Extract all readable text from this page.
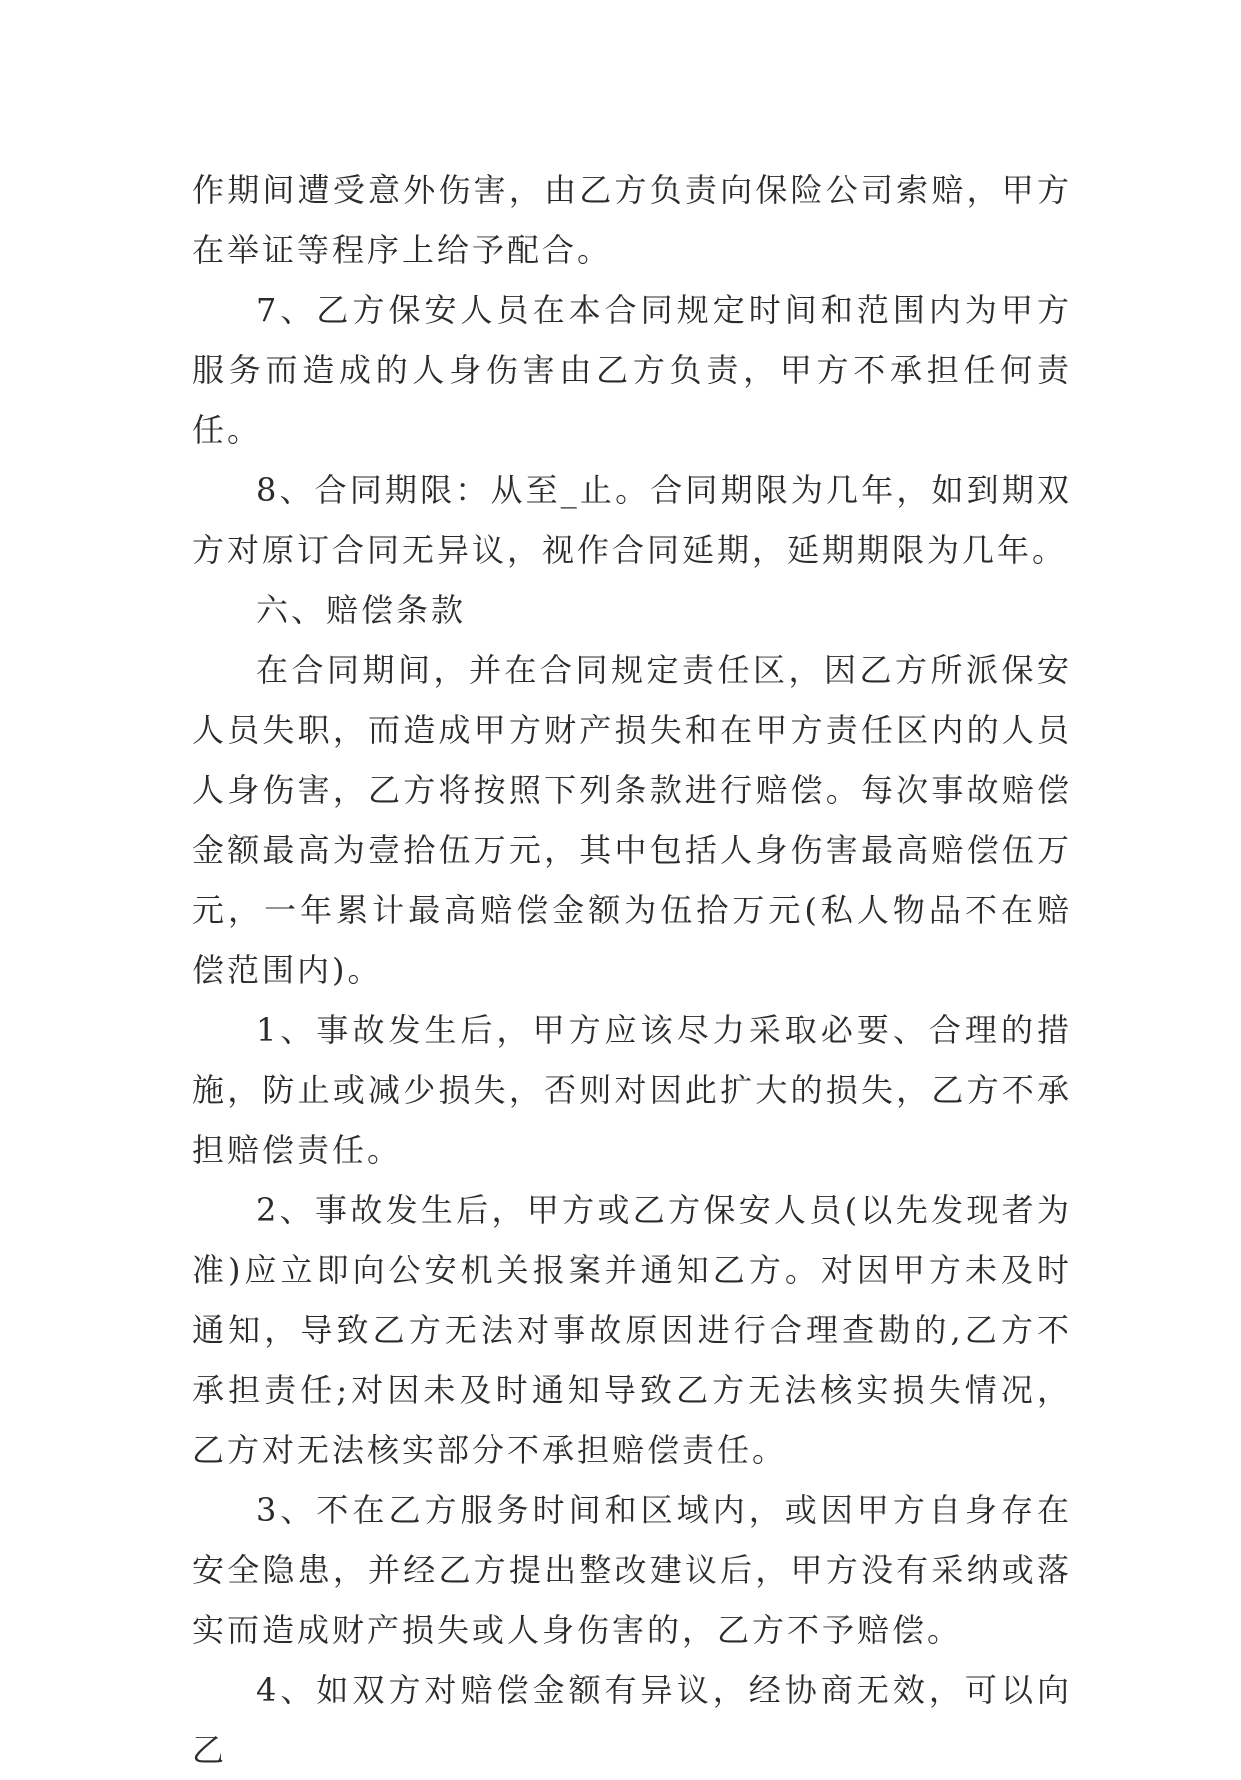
作期间遭受意外伤害，由乙方负责向保险公司索赔，甲方在举证等程序上给予配合。

7、乙方保安人员在本合同规定时间和范围内为甲方服务而造成的人身伤害由乙方负责，甲方不承担任何责任。

8、合同期限：从至_止。合同期限为几年，如到期双方对原订合同无异议，视作合同延期，延期期限为几年。

六、赔偿条款

在合同期间，并在合同规定责任区，因乙方所派保安人员失职，而造成甲方财产损失和在甲方责任区内的人员人身伤害，乙方将按照下列条款进行赔偿。每次事故赔偿金额最高为壹拾伍万元，其中包括人身伤害最高赔偿伍万元，一年累计最高赔偿金额为伍拾万元(私人物品不在赔偿范围内)。

1、事故发生后，甲方应该尽力采取必要、合理的措施，防止或减少损失，否则对因此扩大的损失，乙方不承担赔偿责任。

2、事故发生后，甲方或乙方保安人员(以先发现者为准)应立即向公安机关报案并通知乙方。对因甲方未及时通知，导致乙方无法对事故原因进行合理查勘的,乙方不承担责任;对因未及时通知导致乙方无法核实损失情况，乙方对无法核实部分不承担赔偿责任。

3、不在乙方服务时间和区域内，或因甲方自身存在安全隐患，并经乙方提出整改建议后，甲方没有采纳或落实而造成财产损失或人身伤害的，乙方不予赔偿。

4、如双方对赔偿金额有异议，经协商无效，可以向乙
